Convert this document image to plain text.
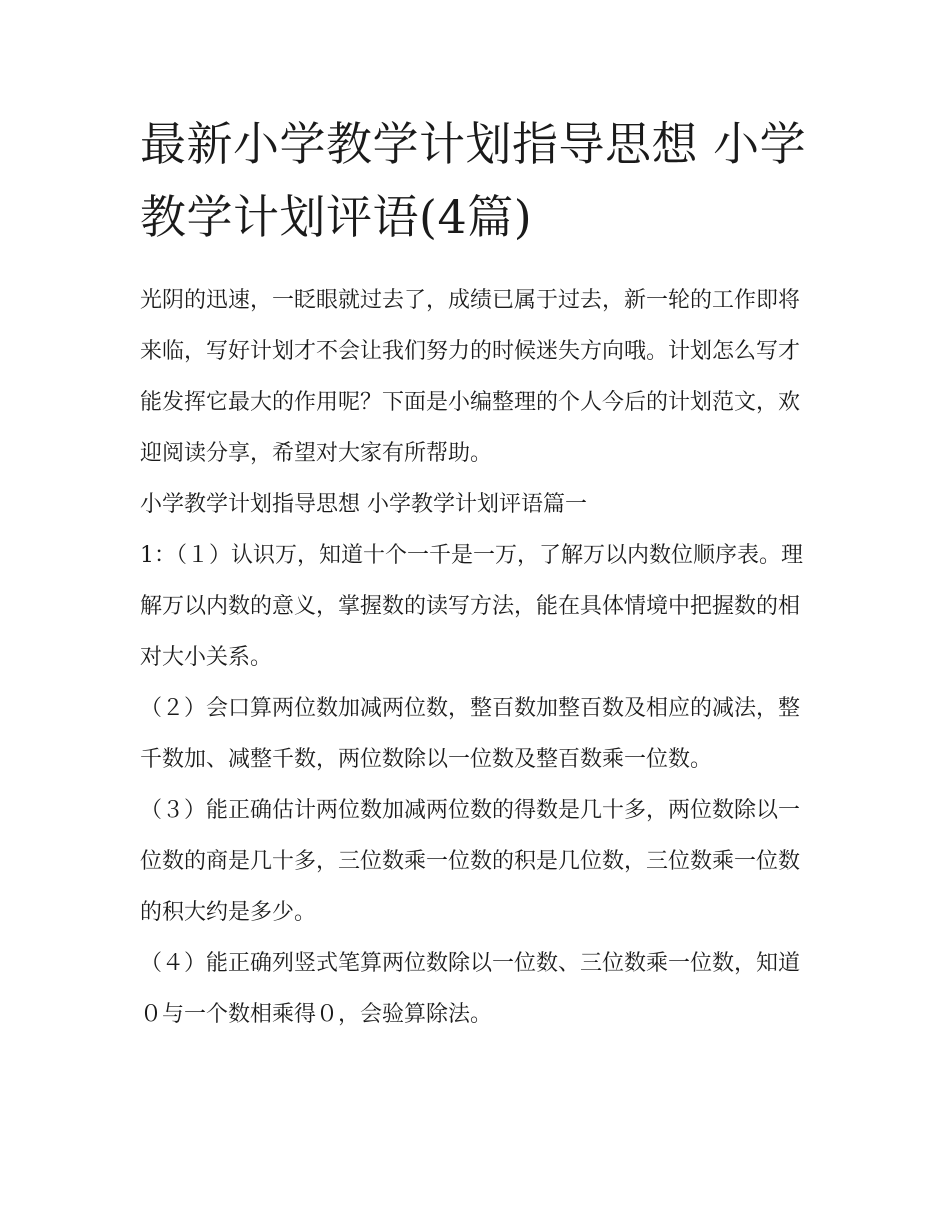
最新小学教学计划指导思想 小学教学计划评语(4篇)

光阴的迅速，一眨眼就过去了，成绩已属于过去，新一轮的工作即将来临，写好计划才不会让我们努力的时候迷失方向哦。计划怎么写才能发挥它最大的作用呢？下面是小编整理的个人今后的计划范文，欢迎阅读分享，希望对大家有所帮助。

小学教学计划指导思想 小学教学计划评语篇一

1：（１）认识万，知道十个一千是一万，了解万以内数位顺序表。理解万以内数的意义，掌握数的读写方法，能在具体情境中把握数的相对大小关系。

（２）会口算两位数加减两位数，整百数加整百数及相应的减法，整千数加、减整千数，两位数除以一位数及整百数乘一位数。

（３）能正确估计两位数加减两位数的得数是几十多，两位数除以一位数的商是几十多，三位数乘一位数的积是几位数，三位数乘一位数的积大约是多少。

（４）能正确列竖式笔算两位数除以一位数、三位数乘一位数，知道０与一个数相乘得０，会验算除法。
